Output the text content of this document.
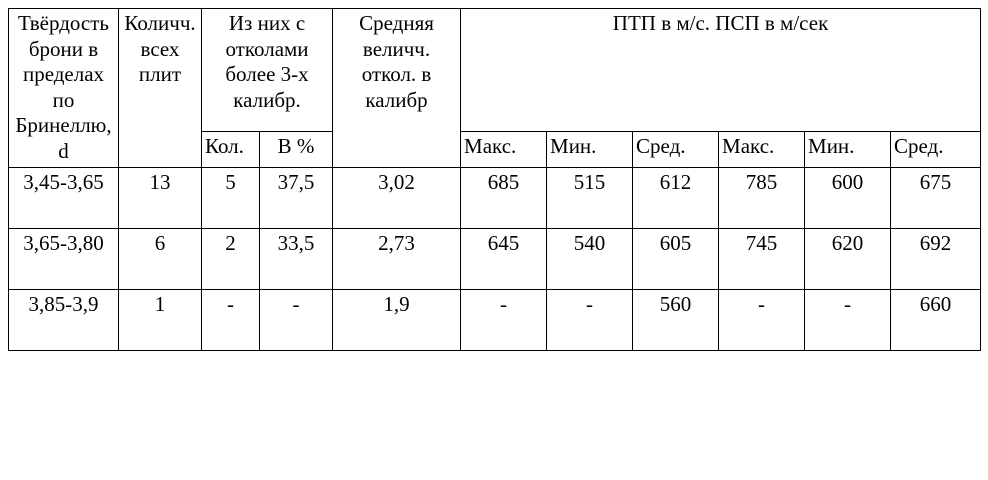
Твёрдость брони в пределах по Бринеллю, d	Количч. всех плит	Из них с отколами более 3-х калибр.		Средняя величч. откол. в калибр	ПТП в м/с. ПСП в м/сек					
		Кол.	В %		Макс.	Мин.	Сред.	Макс.	Мин.	Сред.
3,45-3,65	13	5	37,5	3,02	685	515	612	785	600	675
3,65-3,80	6	2	33,5	2,73	645	540	605	745	620	692
3,85-3,9	1	-	-	1,9	-	-	560	-	-	660
